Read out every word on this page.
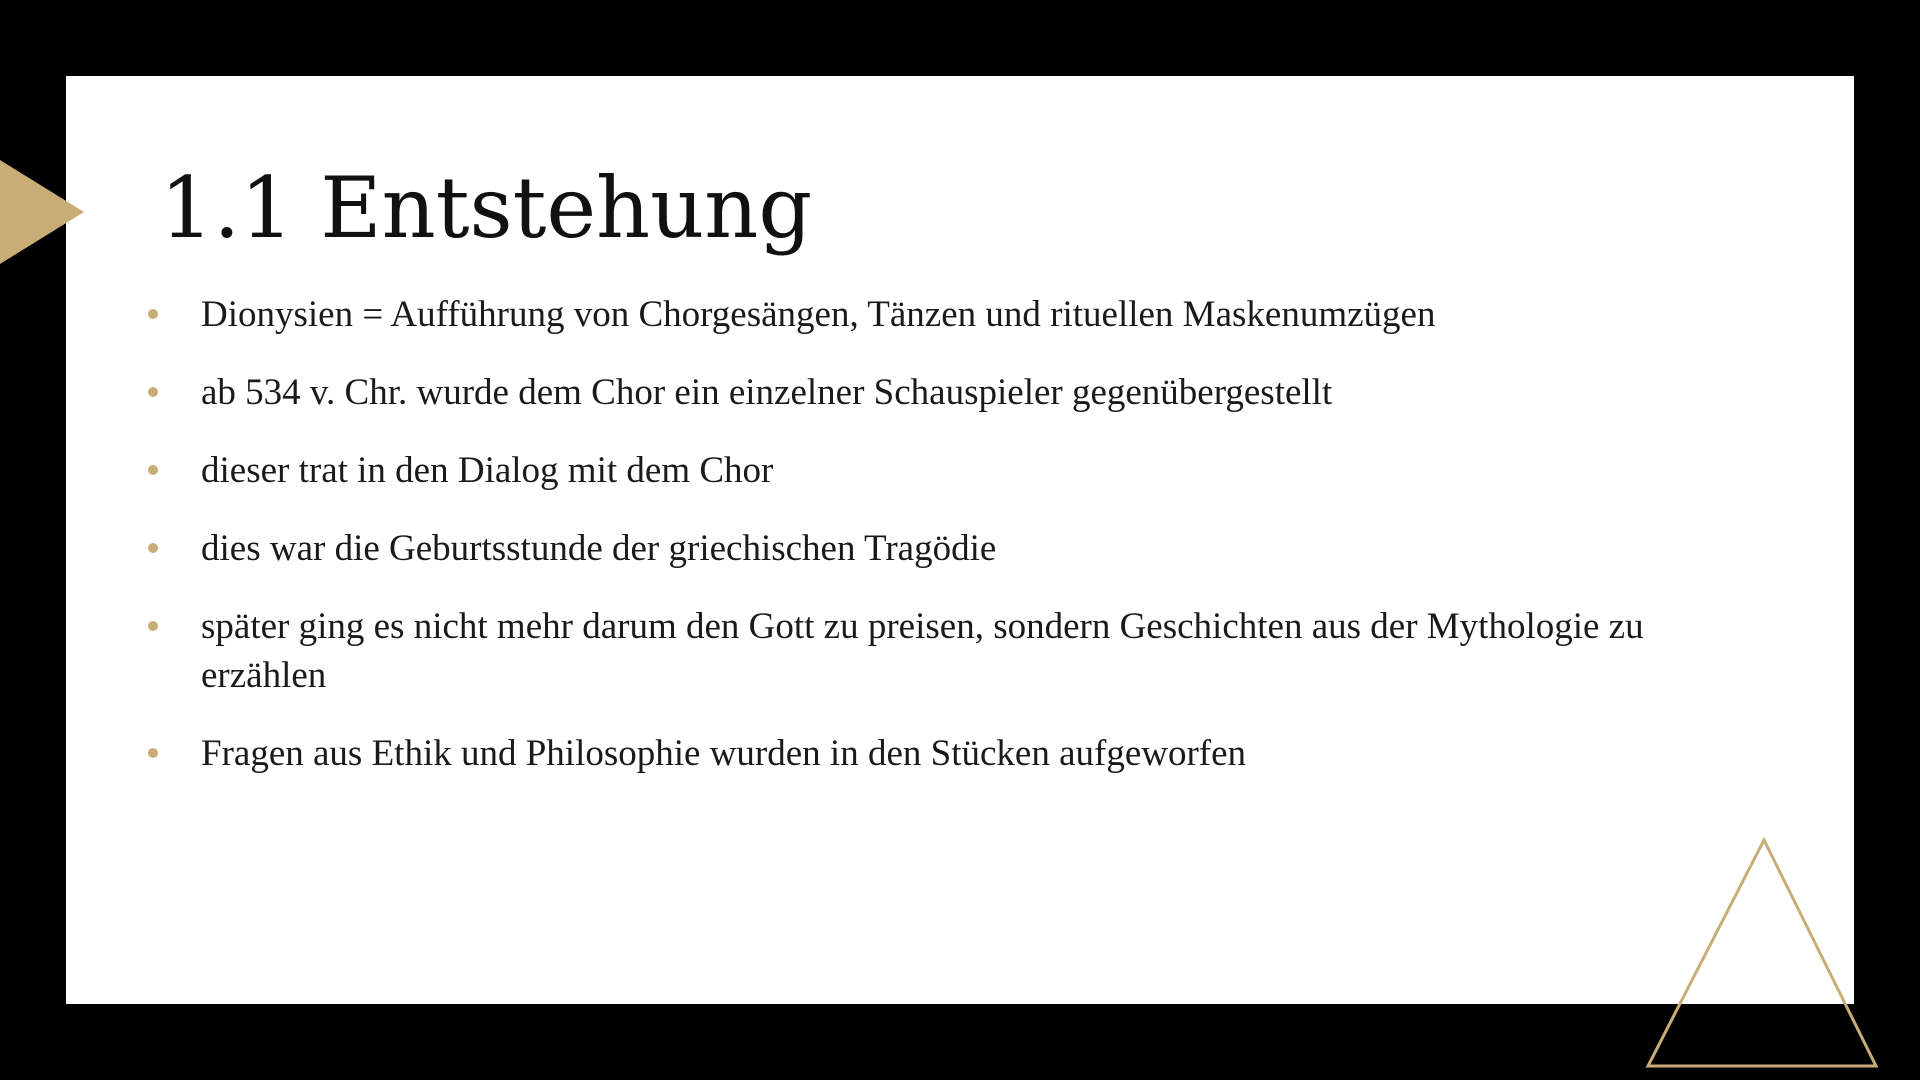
1.1 Entstehung
Dionysien = Aufführung von Chorgesängen, Tänzen und rituellen Maskenumzügen
ab 534 v. Chr. wurde dem Chor ein einzelner Schauspieler gegenübergestellt
dieser trat in den Dialog mit dem Chor
dies war die Geburtsstunde der griechischen Tragödie
später ging es nicht mehr darum den Gott zu preisen, sondern Geschichten aus der Mythologie zu erzählen
Fragen aus Ethik und Philosophie wurden in den Stücken aufgeworfen
